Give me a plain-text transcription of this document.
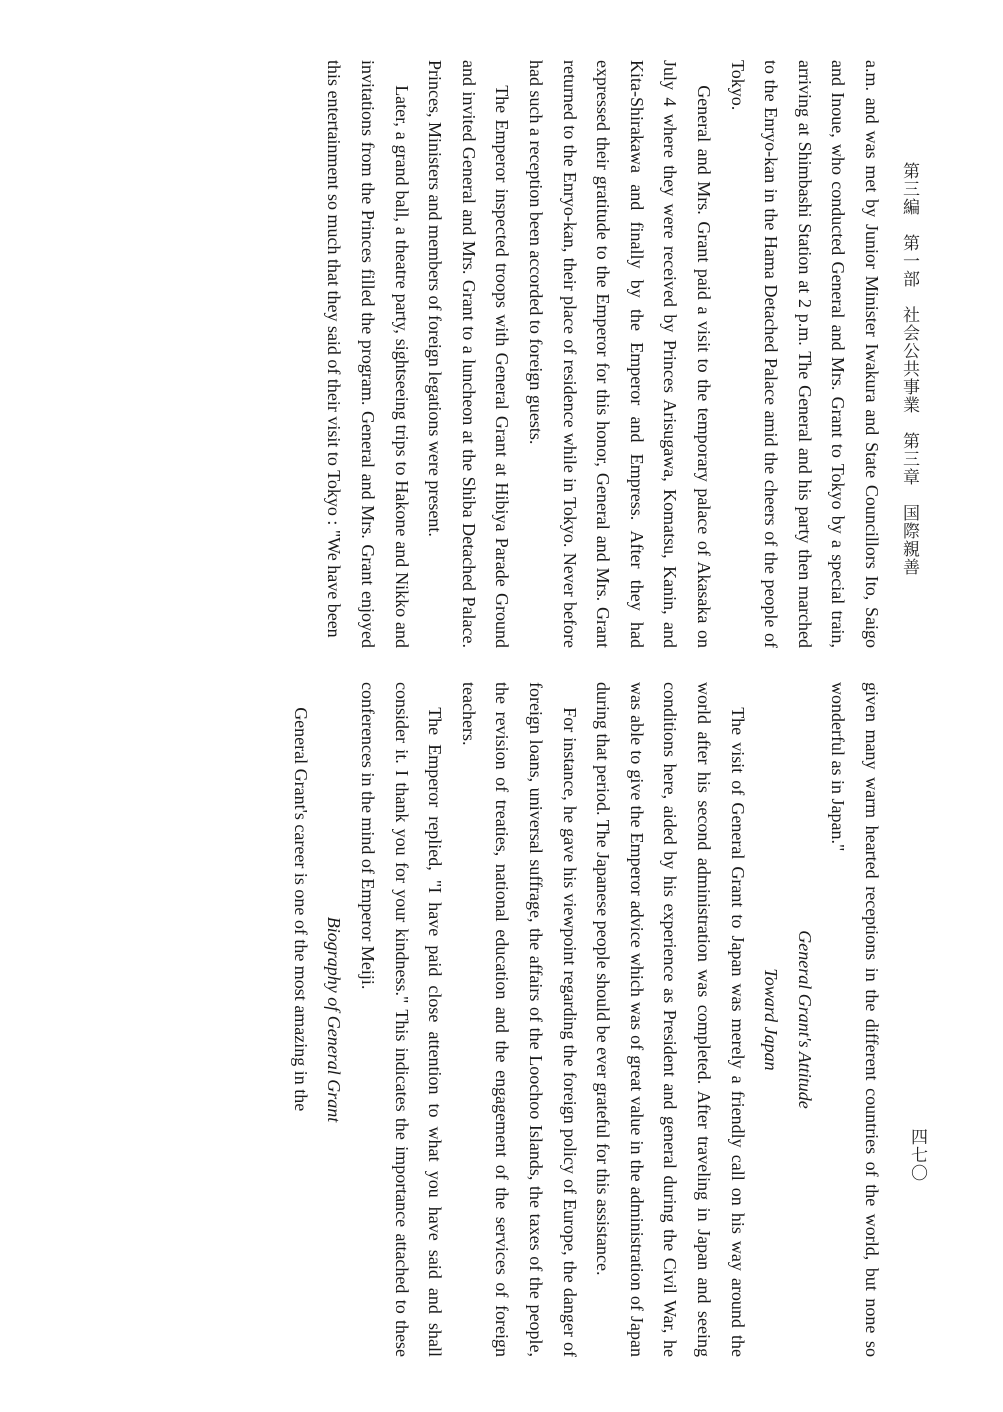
第三編　第一部　社会公共事業　第三章　国際親善
四七〇

a.m. and was met by Junior Minister Iwakura and State Councillors Ito, Saigo and Inoue, who conducted General and Mrs. Grant to Tokyo by a special train, arriving at Shimbashi Station at 2 p.m. The General and his party then marched to the Enryo-kan in the Hama Detached Palace amid the cheers of the people of Tokyo.

General and Mrs. Grant paid a visit to the temporary palace of Akasaka on July 4 where they were received by Princes Arisugawa, Komatsu, Kanin, and Kita-Shirakawa and finally by the Emperor and Empress. After they had expressed their gratitude to the Emperor for this honor, General and Mrs. Grant returned to the Enryo-kan, their place of residence while in Tokyo. Never before had such a reception been accorded to foreign guests.

The Emperor inspected troops with General Grant at Hibiya Parade Ground and invited General and Mrs. Grant to a luncheon at the Shiba Detached Palace. Princes, Ministers and members of foreign legations were present.

Later, a grand ball, a theatre party, sightseeing trips to Hakone and Nikko and invitations from the Princes filled the program. General and Mrs. Grant enjoyed this entertainment so much that they said of their visit to Tokyo : "We have been

given many warm hearted receptions in the different countries of the world, but none so wonderful as in Japan."

General Grant's Attitude

Toward Japan

The visit of General Grant to Japan was merely a friendly call on his way around the world after his second administration was completed. After traveling in Japan and seeing conditions here, aided by his experience as President and general during the Civil War, he was able to give the Emperor advice which was of great value in the administration of Japan during that period. The Japanese people should be ever grateful for this assistance.

For instance, he gave his viewpoint regarding the foreign policy of Europe, the danger of foreign loans, universal suffrage, the affairs of the Loochoo Islands, the taxes of the people, the revision of treaties, national education and the engagement of the services of foreign teachers.

The Emperor replied, "I have paid close attention to what you have said and shall consider it. I thank you for your kindness." This indicates the importance attached to these conferences in the mind of Emperor Meiji.

Biography of General Grant

General Grant's career is one of the most amazing in the
